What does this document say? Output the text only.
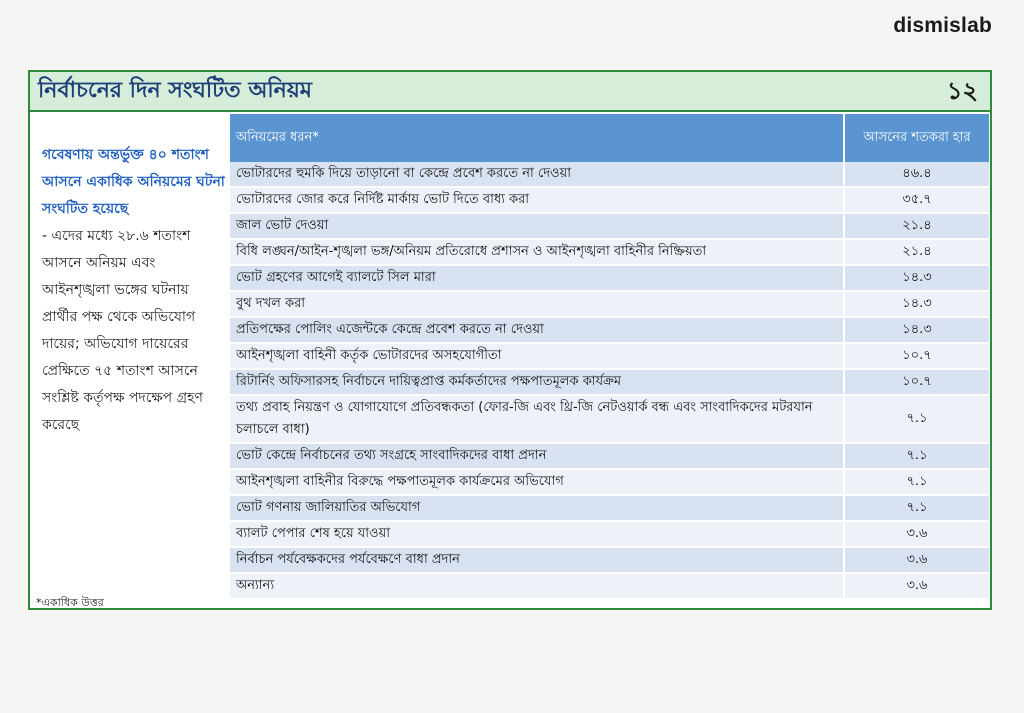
dismislab
নির্বাচনের দিন সংঘটিত অনিয়ম	১২

গবেষণায় অন্তর্ভুক্ত ৪০ শতাংশ আসনে একাধিক অনিয়মের ঘটনা সংঘটিত হয়েছে

- এদের মধ্যে ২৮.৬ শতাংশ আসনে অনিয়ম এবং আইনশৃঙ্খলা ভঙ্গের ঘটনায় প্রার্থীর পক্ষ থেকে অভিযোগ দায়ের; অভিযোগ দায়েরের প্রেক্ষিতে ৭৫ শতাংশ আসনে সংশ্লিষ্ট কর্তৃপক্ষ পদক্ষেপ গ্রহণ করেছে

*একাধিক উত্তর
অনিয়মের ধরন*	আসনের শতকরা হার
ভোটারদের হুমকি দিয়ে তাড়ানো বা কেন্দ্রে প্রবেশ করতে না দেওয়া	৪৬.৪
ভোটারদের জোর করে নির্দিষ্ট মার্কায় ভোট দিতে বাধ্য করা	৩৫.৭
জাল ভোট দেওয়া	২১.৪
বিধি লঙ্ঘন/আইন-শৃঙ্খলা ভঙ্গ/অনিয়ম প্রতিরোধে প্রশাসন ও আইনশৃঙ্খলা বাহিনীর নিষ্ক্রিয়তা	২১.৪
ভোট গ্রহণের আগেই ব্যালটে সিল মারা	১৪.৩
বুথ দখল করা	১৪.৩
প্রতিপক্ষের পোলিং এজেন্টকে কেন্দ্রে প্রবেশ করতে না দেওয়া	১৪.৩
আইনশৃঙ্খলা বাহিনী কর্তৃক ভোটারদের অসহযোগীতা	১০.৭
রিটার্নিং অফিসারসহ নির্বাচনে দায়িত্বপ্রাপ্ত কর্মকর্তাদের পক্ষপাতমূলক কার্যক্রম	১০.৭
তথ্য প্রবাহ নিয়ন্ত্রণ ও যোগাযোগে প্রতিবন্ধকতা (ফোর-জি এবং থ্রি-জি নেটওয়ার্ক বন্ধ এবং সাংবাদিকদের মটরযান চলাচলে বাধা)	৭.১
ভোট কেন্দ্রে নির্বাচনের তথ্য সংগ্রহে সাংবাদিকদের বাধা প্রদান	৭.১
আইনশৃঙ্খলা বাহিনীর বিরুদ্ধে পক্ষপাতমূলক কার্যক্রমের অভিযোগ	৭.১
ভোট গণনায় জালিয়াতির অভিযোগ	৭.১
ব্যালট পেপার শেষ হয়ে যাওয়া	৩.৬
নির্বাচন পর্যবেক্ষকদের পর্যবেক্ষণে বাধা প্রদান	৩.৬
অন্যান্য	৩.৬
